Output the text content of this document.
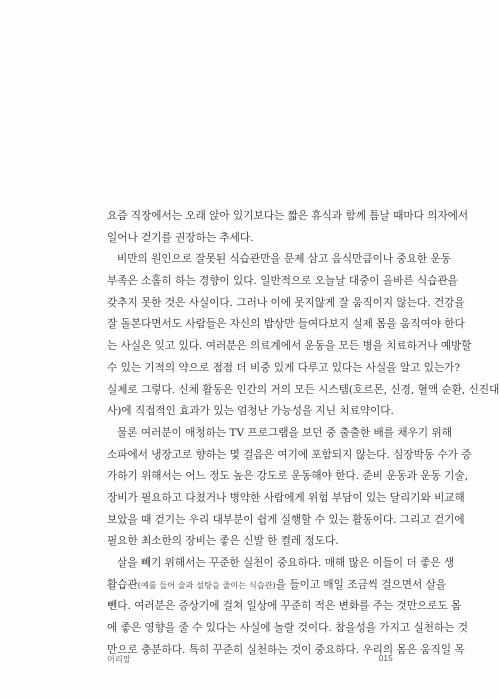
요즘 직장에서는 오래 앉아 있기보다는 짧은 휴식과 함께 틈날 때마다 의자에서
일어나 걷기를 권장하는 추세다.
비만의 원인으로 잘못된 식습관만을 문제 삼고 음식만큼이나 중요한 운동
부족은 소홀히 하는 경향이 있다. 일반적으로 오늘날 대중이 올바른 식습관을
갖추지 못한 것은 사실이다. 그러나 이에 못지않게 잘 움직이지 않는다. 건강을
잘 돌본다면서도 사람들은 자신의 밥상만 들여다보지 실제 몸을 움직여야 한다
는 사실은 잊고 있다. 여러분은 의료계에서 운동을 모든 병을 치료하거나 예방할
수 있는 기적의 약으로 점점 더 비중 있게 다루고 있다는 사실을 알고 있는가?
실제로 그렇다. 신체 활동은 인간의 거의 모든 시스템(호르몬, 신경, 혈액 순환, 신진대
사)에 직접적인 효과가 있는 엄청난 가능성을 지닌 치료약이다.
물론 여러분이 애청하는 TV 프로그램을 보던 중 출출한 배를 채우기 위해
소파에서 냉장고로 향하는 몇 걸음은 여기에 포함되지 않는다. 심장박동 수가 증
가하기 위해서는 어느 정도 높은 강도로 운동해야 한다. 준비 운동과 운동 기술,
장비가 필요하고 다쳤거나 병약한 사람에게 위험 부담이 있는 달리기와 비교해
보았을 때 걷기는 우리 대부분이 쉽게 실행할 수 있는 활동이다. 그리고 걷기에
필요한 최소한의 장비는 좋은 신발 한 켤레 정도다.
살을 빼기 위해서는 꾸준한 실천이 중요하다. 매해 많은 이들이 더 좋은 생
활습관(예를 들어 술과 설탕을 줄이는 식습관)을 들이고 매일 조금씩 걸으면서 살을
뺀다. 여러분은 증상기에 걸쳐 일상에 꾸준히 적은 변화를 주는 것만으로도 몸
에 좋은 영향을 줄 수 있다는 사실에 놀랄 것이다. 참을성을 가지고 실천하는 것
만으로 충분하다. 특히 꾸준히 실천하는 것이 중요하다. 우리의 몸은 움직일 목
머리말	015
